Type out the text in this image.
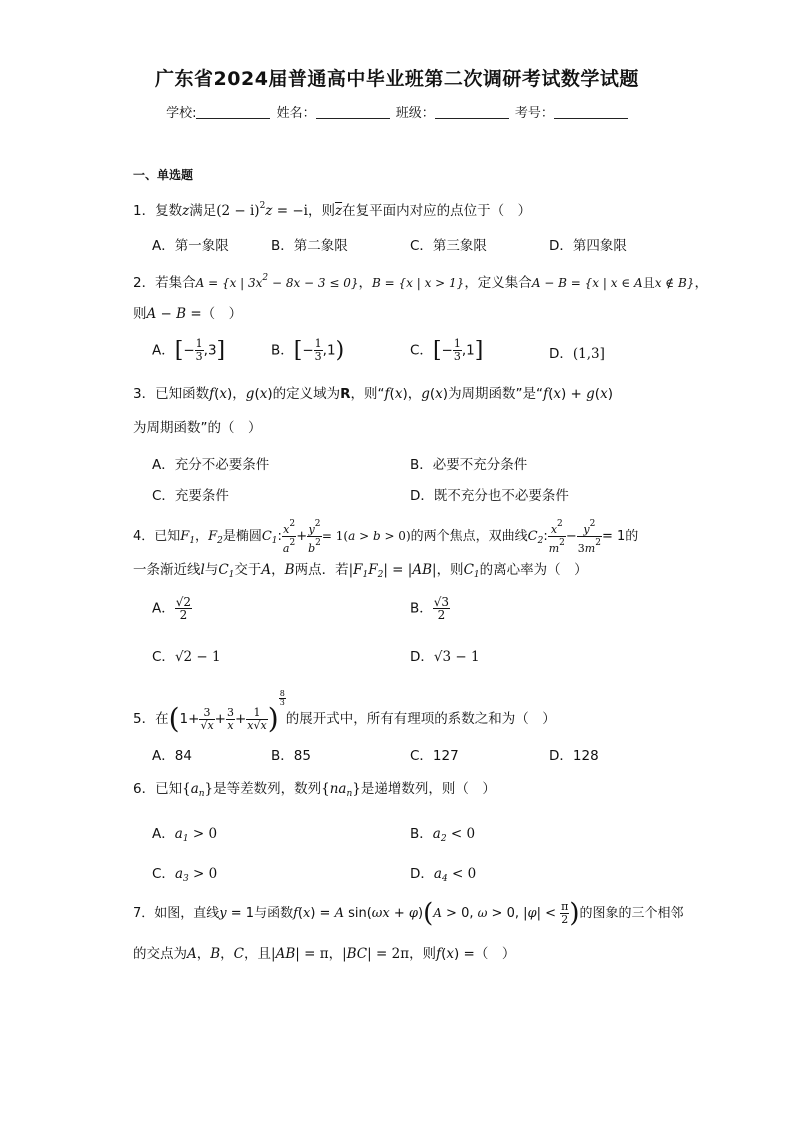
广东省2024届普通高中毕业班第二次调研考试数学试题
学校:	姓名：	班级：	考号：
一、单选题
1．复数z满足$(2 - i)^2z = -i$，则$\overline{z}$在复平面内对应的点位于（　）
A．第一象限	B．第二象限	C．第三象限	D．第四象限
2．若集合A = {x | $3x^2 - 8x - 3 \le 0$}，B = {x | x > 1}，定义集合A − B = {x | x ∈ A且x ∉ B}，
则A − B =（　）
A．[− $\frac{1}{3} ,3$]	B．[− $\frac{1}{3} ,1$)	C．[− $\frac{1}{3} ,1$]	D．(1,3]
3．已知函数f(x)，g(x)的定义域为R，则“f(x)，g(x)为周期函数”是“f(x) + g(x)
为周期函数”的（　）
A．充分不必要条件	B．必要不充分条件
C．充要条件	D．既不充分也不必要条件
4．已知$F_1$，$F_2$是椭圆$C_1$: $\frac{x^2}{a^2} + \frac{y^2}{b^2} = 1(a > b > 0)$的两个焦点，双曲线$C_2$: $\frac{x^2}{m^2} - \frac{y^2}{3m^2} = 1$的
一条渐近线l与$C_1$交于A，B两点．若$|F_1F_2| = |AB|$，则$C_1$的离心率为（　）
A． $\frac{√2}{2}$	B． $\frac{√3}{2}$
C．√2 − 1	D．√3 − 1
5．在($1+ \frac{3}{√x} + \frac{3}{x} + \frac{1}{x√x}$ )
$\frac{8}{3}$
的展开式中，所有有理项的系数之和为（　）
A．84	B．85	C．127	D．128
6．已知$\{a_n\}$是等差数列，数列$\{na_n\}$是递增数列，则（　）
A．$a_1 > 0$	B．$a_2 < 0$
C．$a_3 > 0$	D．$a_4 < 0$
7．如图，直线y = 1与函数f(x) = A sin(ωx + φ)(A > 0, ω > 0, $|\varphi| < \frac{\pi}{2}$ )的图象的三个相邻
的交点为A，B，C，且|AB| = π，|BC| = 2π，则f(x) =（　）
